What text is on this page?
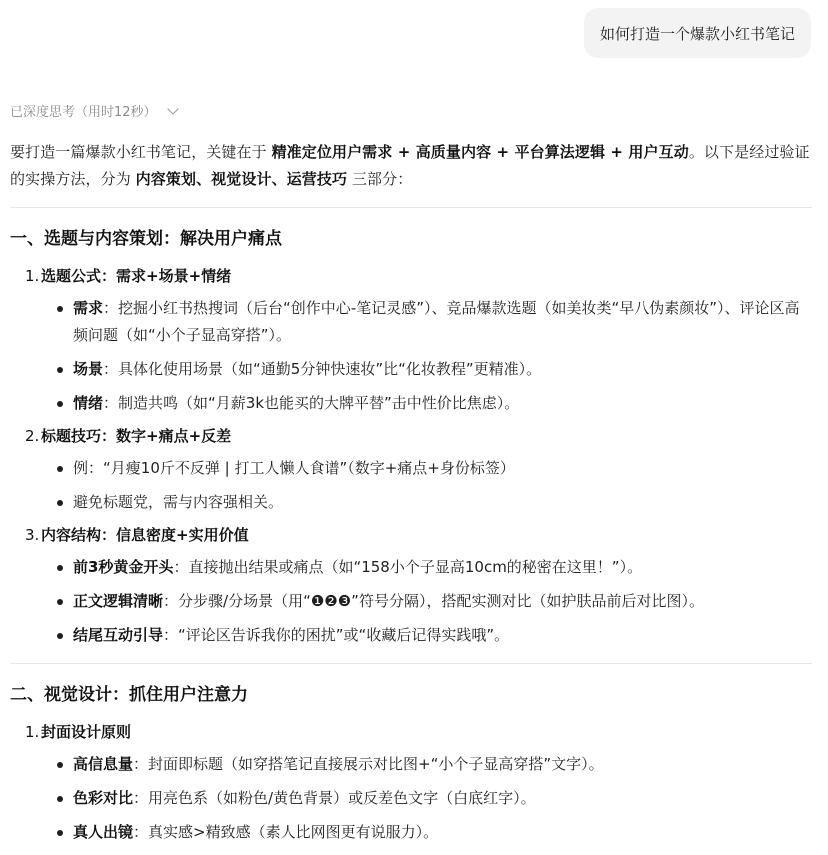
如何打造一个爆款小红书笔记
已深度思考（用时12秒）

要打造一篇爆款小红书笔记，关键在于 精准定位用户需求 + 高质量内容 + 平台算法逻辑 + 用户互动。以下是经过验证的实操方法，分为 内容策划、视觉设计、运营技巧 三部分：

一、选题与内容策划：解决用户痛点
1. 选题公式：需求+场景+情绪
需求：挖掘小红书热搜词（后台“创作中心-笔记灵感”）、竞品爆款选题（如美妆类“早八伪素颜妆”）、评论区高频问题（如“小个子显高穿搭”）。
场景：具体化使用场景（如“通勤5分钟快速妆”比“化妆教程”更精准）。
情绪：制造共鸣（如“月薪3k也能买的大牌平替”击中性价比焦虑）。
2. 标题技巧：数字+痛点+反差
例：“月瘦10斤不反弹 | 打工人懒人食谱”（数字+痛点+身份标签）
避免标题党，需与内容强相关。
3. 内容结构：信息密度+实用价值
前3秒黄金开头：直接抛出结果或痛点（如“158小个子显高10cm的秘密在这里！”）。
正文逻辑清晰：分步骤/分场景（用“❶❷❸”符号分隔），搭配实测对比（如护肤品前后对比图）。
结尾互动引导：“评论区告诉我你的困扰”或“收藏后记得实践哦”。
二、视觉设计：抓住用户注意力
1. 封面设计原则
高信息量：封面即标题（如穿搭笔记直接展示对比图+“小个子显高穿搭”文字）。
色彩对比：用亮色系（如粉色/黄色背景）或反差色文字（白底红字）。
真人出镜：真实感>精致感（素人比网图更有说服力）。
